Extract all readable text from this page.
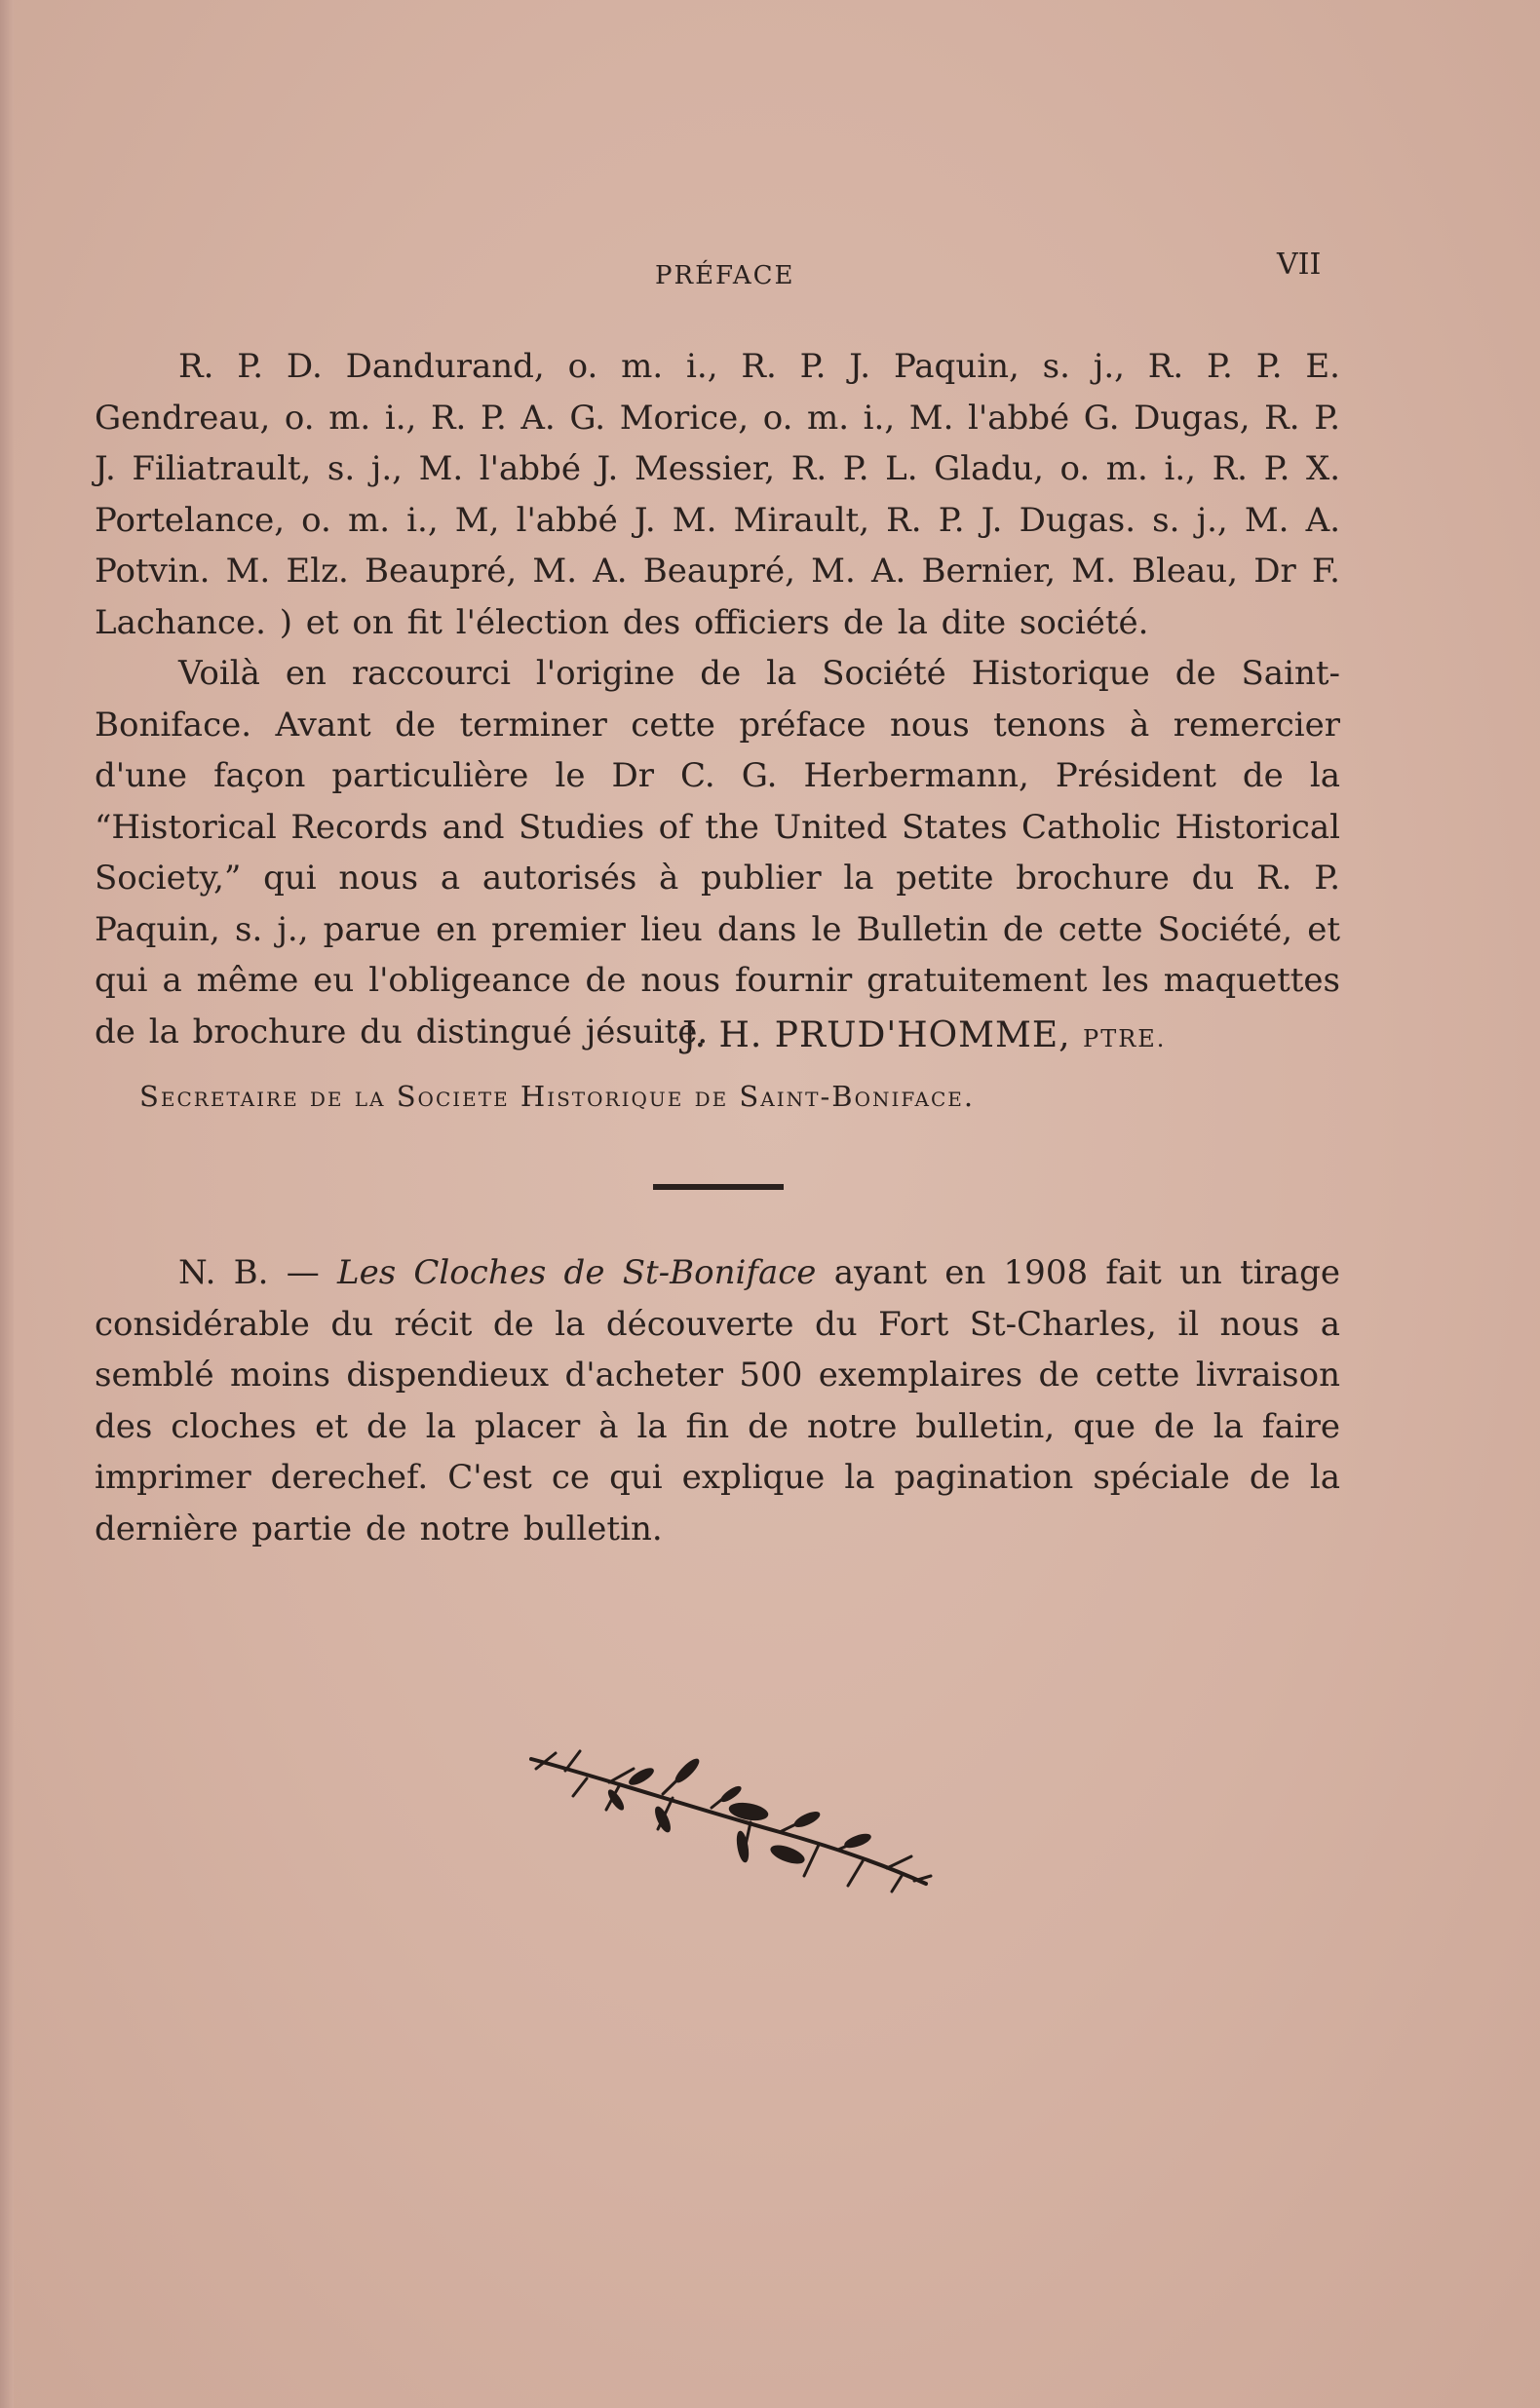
PRÉFACE	VII

R. P. D. Dandurand, o. m. i., R. P. J. Paquin, s. j., R. P. P. E. Gendreau, o. m. i., R. P. A. G. Morice, o. m. i., M. l'abbé G. Dugas, R. P. J. Filiatrault, s. j., M. l'abbé J. Messier, R. P. L. Gladu, o. m. i., R. P. X. Portelance, o. m. i., M, l'abbé J. M. Mirault, R. P. J. Dugas. s. j., M. A. Potvin. M. Elz. Beaupré, M. A. Beaupré, M. A. Bernier, M. Bleau, Dr F. Lachance. ) et on fit l'élection des officiers de la dite société.

Voilà en raccourci l'origine de la Société Historique de Saint-Boniface. Avant de terminer cette préface nous tenons à remercier d'une façon particulière le Dr C. G. Herbermann, Président de la “Historical Records and Studies of the United States Catholic Historical Society,” qui nous a autorisés à publier la petite brochure du R. P. Paquin, s. j., parue en premier lieu dans le Bulletin de cette Société, et qui a même eu l'obligeance de nous fournir gratuitement les maquettes de la brochure du distingué jésuite.

J. H. PRUD'HOMME, PTRE.
Secretaire de la Societe Historique de Saint-Boniface.

N. B. — Les Cloches de St-Boniface ayant en 1908 fait un tirage considérable du récit de la découverte du Fort St-Charles, il nous a semblé moins dispendieux d'acheter 500 exemplaires de cette livraison des cloches et de la placer à la fin de notre bulletin, que de la faire imprimer derechef. C'est ce qui explique la pagination spéciale de la dernière partie de notre bulletin.
